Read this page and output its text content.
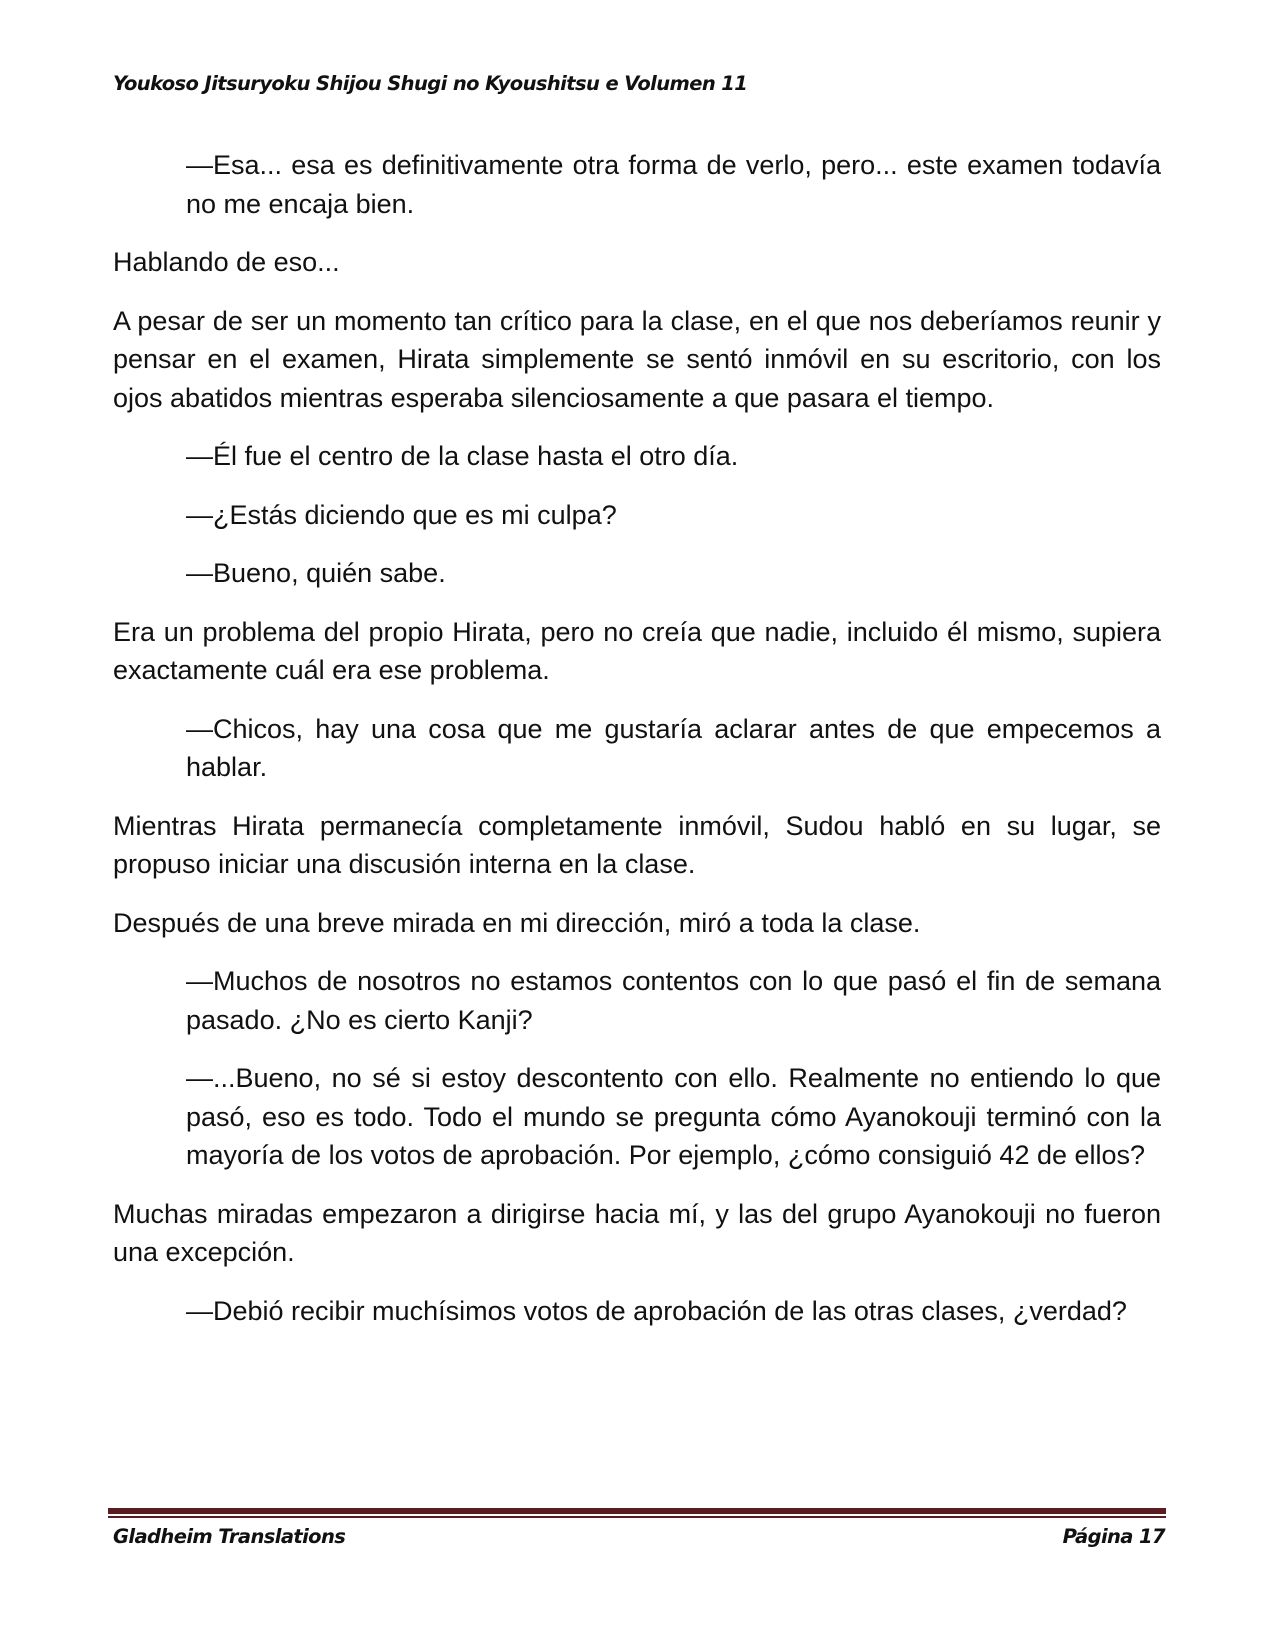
Youkoso Jitsuryoku Shijou Shugi no Kyoushitsu e Volumen 11

—Esa... esa es definitivamente otra forma de verlo, pero... este examen todavía no me encaja bien.

Hablando de eso...

A pesar de ser un momento tan crítico para la clase, en el que nos deberíamos reunir y pensar en el examen, Hirata simplemente se sentó inmóvil en su escritorio, con los ojos abatidos mientras esperaba silenciosamente a que pasara el tiempo.

—Él fue el centro de la clase hasta el otro día.

—¿Estás diciendo que es mi culpa?

—Bueno, quién sabe.

Era un problema del propio Hirata, pero no creía que nadie, incluido él mismo, supiera exactamente cuál era ese problema.

—Chicos, hay una cosa que me gustaría aclarar antes de que empecemos a hablar.

Mientras Hirata permanecía completamente inmóvil, Sudou habló en su lugar, se propuso iniciar una discusión interna en la clase.

Después de una breve mirada en mi dirección, miró a toda la clase.

—Muchos de nosotros no estamos contentos con lo que pasó el fin de semana pasado. ¿No es cierto Kanji?

—...Bueno, no sé si estoy descontento con ello. Realmente no entiendo lo que pasó, eso es todo. Todo el mundo se pregunta cómo Ayanokouji terminó con la mayoría de los votos de aprobación. Por ejemplo, ¿cómo consiguió 42 de ellos?

Muchas miradas empezaron a dirigirse hacia mí, y las del grupo Ayanokouji no fueron una excepción.

—Debió recibir muchísimos votos de aprobación de las otras clases, ¿verdad?

Gladheim Translations	Página 17
